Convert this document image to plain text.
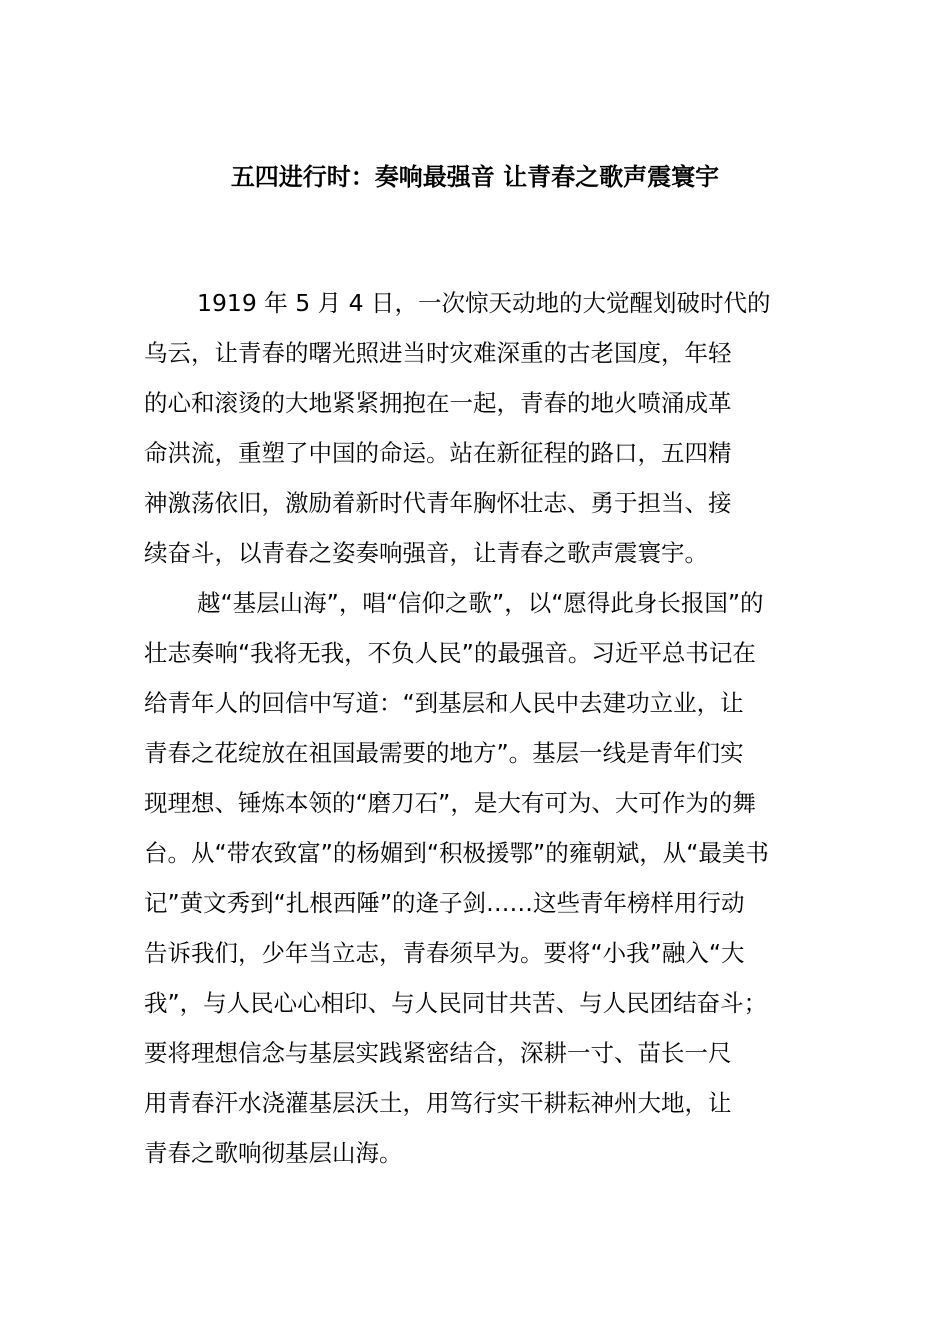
五四进行时：奏响最强音 让青春之歌声震寰宇
1919 年 5 月 4 日，一次惊天动地的大觉醒划破时代的
乌云，让青春的曙光照进当时灾难深重的古老国度，年轻
的心和滚烫的大地紧紧拥抱在一起，青春的地火喷涌成革
命洪流，重塑了中国的命运。站在新征程的路口，五四精
神激荡依旧，激励着新时代青年胸怀壮志、勇于担当、接
续奋斗，以青春之姿奏响强音，让青春之歌声震寰宇。
越“基层山海”，唱“信仰之歌”，以“愿得此身长报国”的
壮志奏响“我将无我，不负人民”的最强音。习近平总书记在
给青年人的回信中写道：“到基层和人民中去建功立业，让
青春之花绽放在祖国最需要的地方”。基层一线是青年们实
现理想、锤炼本领的“磨刀石”，是大有可为、大可作为的舞
台。从“带农致富”的杨媚到“积极援鄂”的雍朝斌，从“最美书
记”黄文秀到“扎根西陲”的逄子剑……这些青年榜样用行动
告诉我们，少年当立志，青春须早为。要将“小我”融入“大
我”，与人民心心相印、与人民同甘共苦、与人民团结奋斗；
要将理想信念与基层实践紧密结合，深耕一寸、苗长一尺
用青春汗水浇灌基层沃土，用笃行实干耕耘神州大地，让
青春之歌响彻基层山海。
